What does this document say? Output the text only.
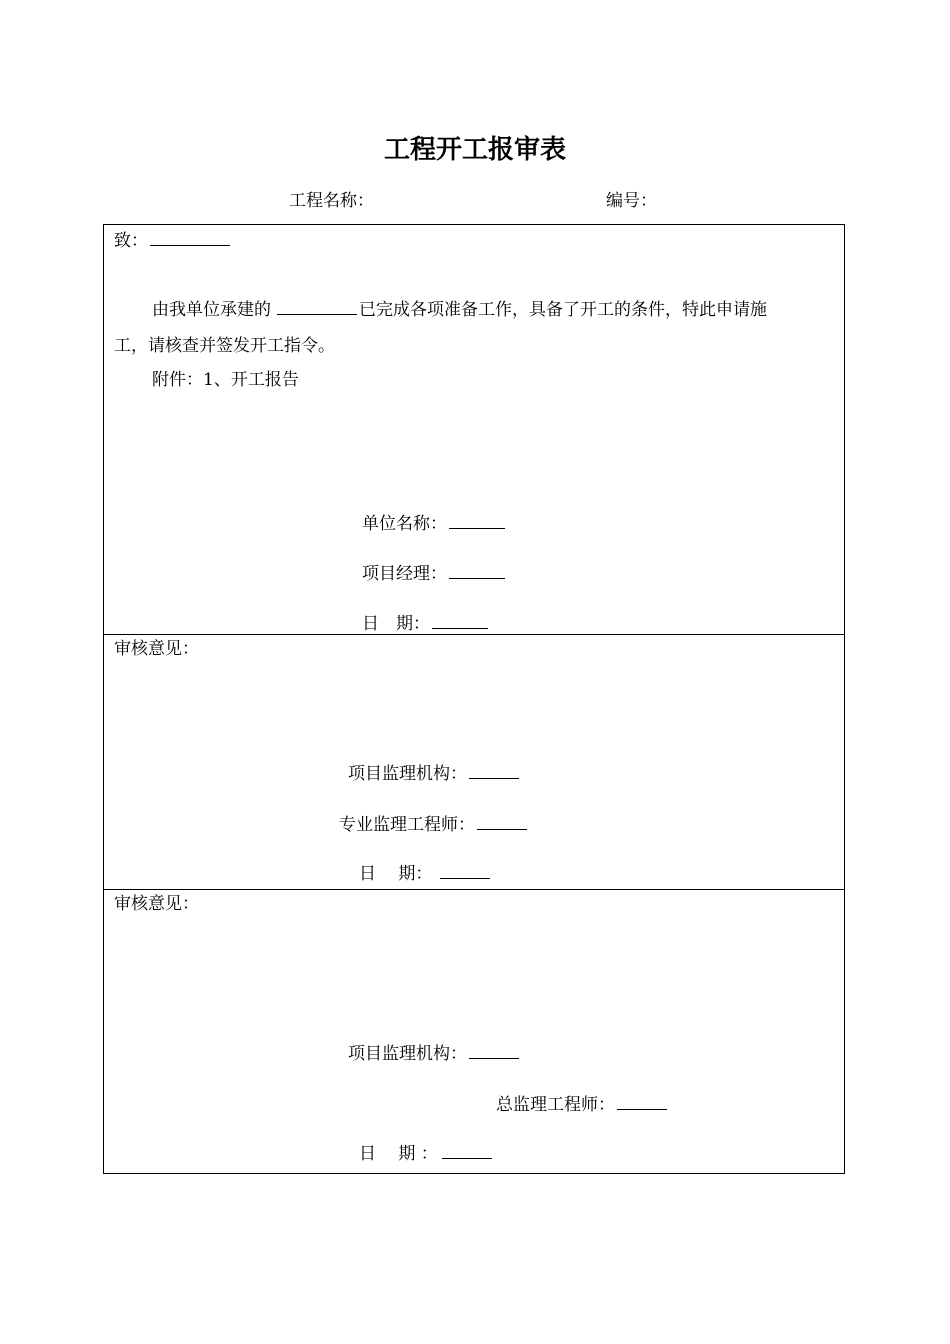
工程开工报审表
工程名称：	编号：
致：
由我单位承建的	已完成各项准备工作，具备了开工的条件，特此申请施
工，请核查并签发开工指令。
附件：1、开工报告
单位名称：
项目经理：
日　期：
审核意见：
项目监理机构：
专业监理工程师：
日　 期：
审核意见：
项目监理机构：
总监理工程师：
日　 期 ：
